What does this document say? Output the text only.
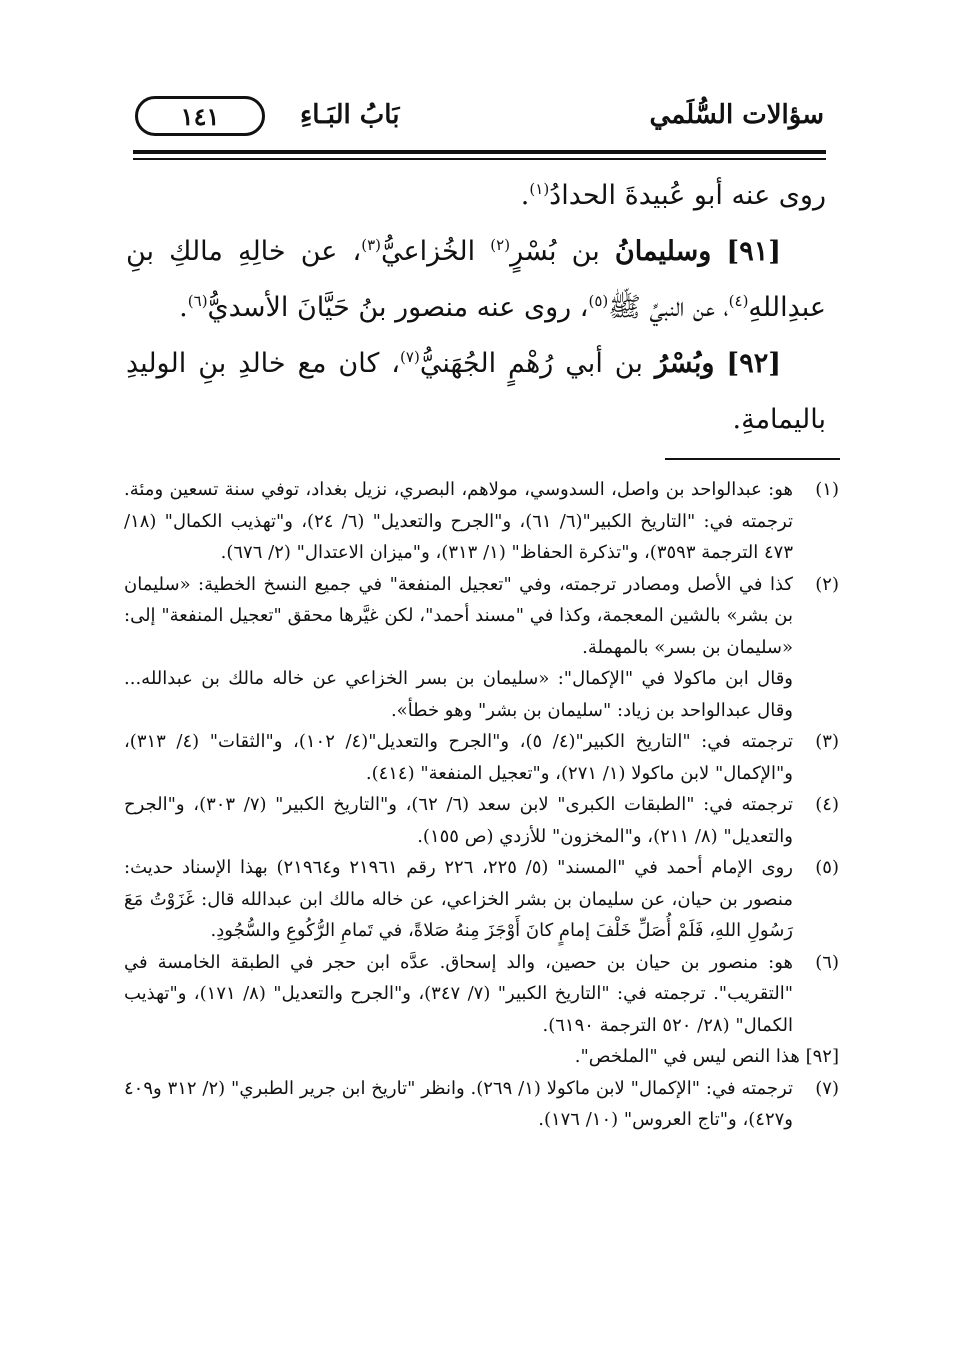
سؤالات السُّلَمي
بَابُ البَـاءِ
١٤١

روى عنه أبو عُبيدةَ الحدادُ$^{(١)}$.

[٩١] وسليمانُ بن بُسْرٍ$^{(٢)}$ الخُزاعيُّ$^{(٣)}$، عن خالِهِ مالكِ بنِ عبدِاللهِ$^{(٤)}$، عن النبيِّ ﷺ$^{(٥)}$، روى عنه منصور بنُ حَيَّانَ الأسديُّ$^{(٦)}$.

[٩٢] وبُسْرُ بن أبي رُهْمٍ الجُهَنيُّ$^{(٧)}$، كان مع خالدِ بنِ الوليدِ باليمامةِ.

(١)
هو: عبدالواحد بن واصل، السدوسي، مولاهم، البصري، نزيل بغداد، توفي سنة تسعين ومئة. ترجمته في: "التاريخ الكبير"(٦/ ٦١)، و"الجرح والتعديل" (٦/ ٢٤)، و"تهذيب الكمال" (١٨/ ٤٧٣ الترجمة ٣٥٩٣)، و"تذكرة الحفاظ" (١/ ٣١٣)، و"ميزان الاعتدال" (٢/ ٦٧٦).
(٢)
كذا في الأصل ومصادر ترجمته، وفي "تعجيل المنفعة" في جميع النسخ الخطية: «سليمان بن بشر» بالشين المعجمة، وكذا في "مسند أحمد"، لكن غيَّرها محقق "تعجيل المنفعة" إلى: «سليمان بن بسر» بالمهملة.
وقال ابن ماكولا في "الإكمال": «سليمان بن بسر الخزاعي عن خاله مالك بن عبدالله... وقال عبدالواحد بن زياد: "سليمان بن بشر" وهو خطأ».
(٣)
ترجمته في: "التاريخ الكبير"(٤/ ٥)، و"الجرح والتعديل"(٤/ ١٠٢)، و"الثقات" (٤/ ٣١٣)، و"الإكمال" لابن ماكولا (١/ ٢٧١)، و"تعجيل المنفعة" (٤١٤).
(٤)
ترجمته في: "الطبقات الكبرى" لابن سعد (٦/ ٦٢)، و"التاريخ الكبير" (٧/ ٣٠٣)، و"الجرح والتعديل" (٨/ ٢١١)، و"المخزون" للأزدي (ص ١٥٥).
(٥)
روى الإمام أحمد في "المسند" (٥/ ٢٢٥، ٢٢٦ رقم ٢١٩٦١ و٢١٩٦٤) بهذا الإسناد حديث: منصور بن حيان، عن سليمان بن بشر الخزاعي، عن خاله مالك ابن عبدالله قال: غَزَوْتُ مَعَ رَسُولِ اللهِ، فَلَمْ أُصَلِّ خَلْفَ إمامٍ كانَ أَوْجَزَ مِنهُ صَلاةً، في تَمامِ الرُّكُوعِ والسُّجُودِ.
(٦)
هو: منصور بن حيان بن حصين، والد إسحاق. عدَّه ابن حجر في الطبقة الخامسة في "التقريب". ترجمته في: "التاريخ الكبير" (٧/ ٣٤٧)، و"الجرح والتعديل" (٨/ ١٧١)، و"تهذيب الكمال" (٢٨/ ٥٢٠ الترجمة ٦١٩٠).
[٩٢] هذا النص ليس في "الملخص".
(٧)
ترجمته في: "الإكمال" لابن ماكولا (١/ ٢٦٩). وانظر "تاريخ ابن جرير الطبري" (٢/ ٣١٢ و٤٠٩ و٤٢٧)، و"تاج العروس" (١٠/ ١٧٦).
